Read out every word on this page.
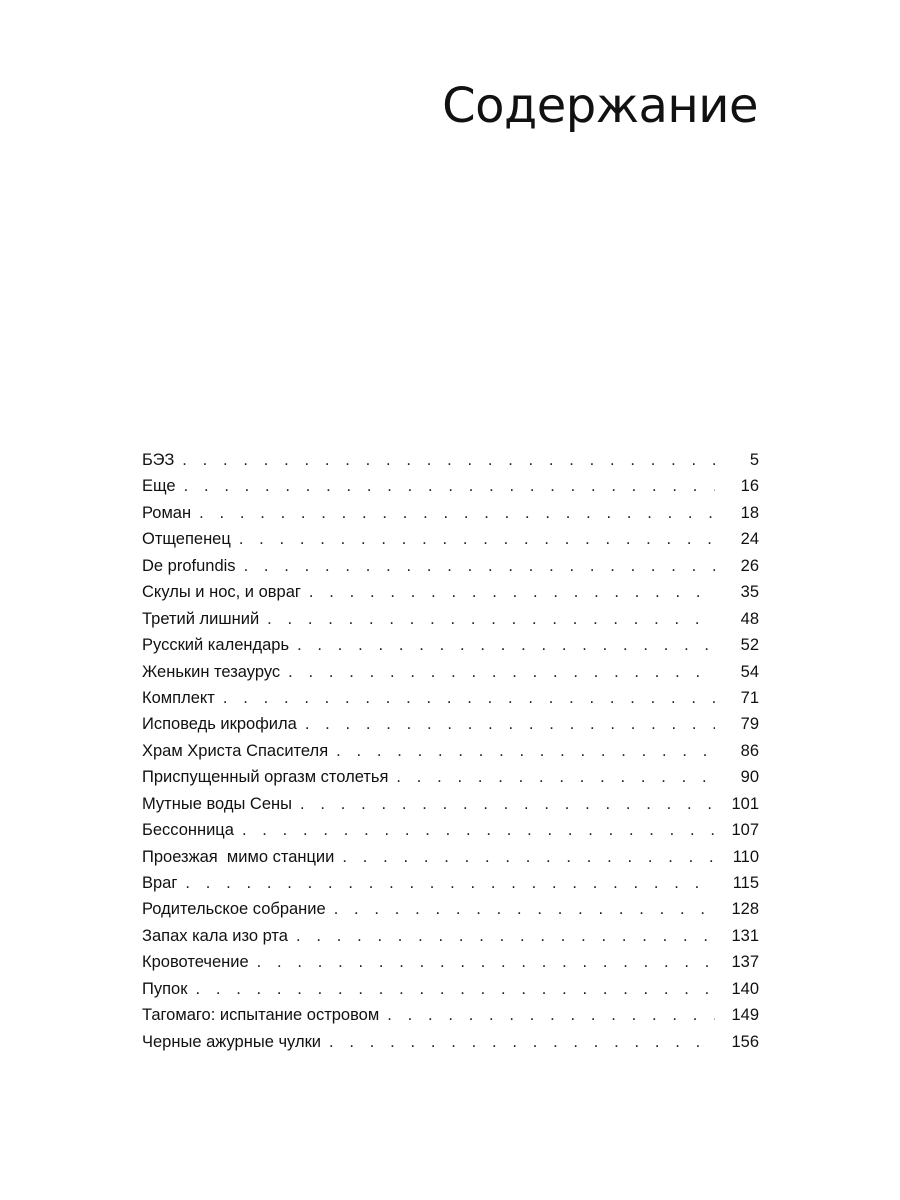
Содержание
БЭЗ . . .	5
Еще . . .	16
Роман . . .	18
Отщепенец . . .	24
De profundis . . .	26
Скулы и нос, и овраг . . .	35
Третий лишний . . .	48
Русский календарь . . .	52
Женькин тезаурус . . .	54
Комплект . . .	71
Исповедь икрофила . . .	79
Храм Христа Спасителя . . .	86
Приспущенный оргазм столетья . . .	90
Мутные воды Сены . . .	101
Бессонница . . .	107
Проезжая  мимо станции . . .	110
Враг . . .	115
Родительское собрание . . .	128
Запах кала изо рта . . .	131
Кровотечение . . .	137
Пупок . . .	140
Тагомаго: испытание островом . . .	149
Черные ажурные чулки . . .	156
